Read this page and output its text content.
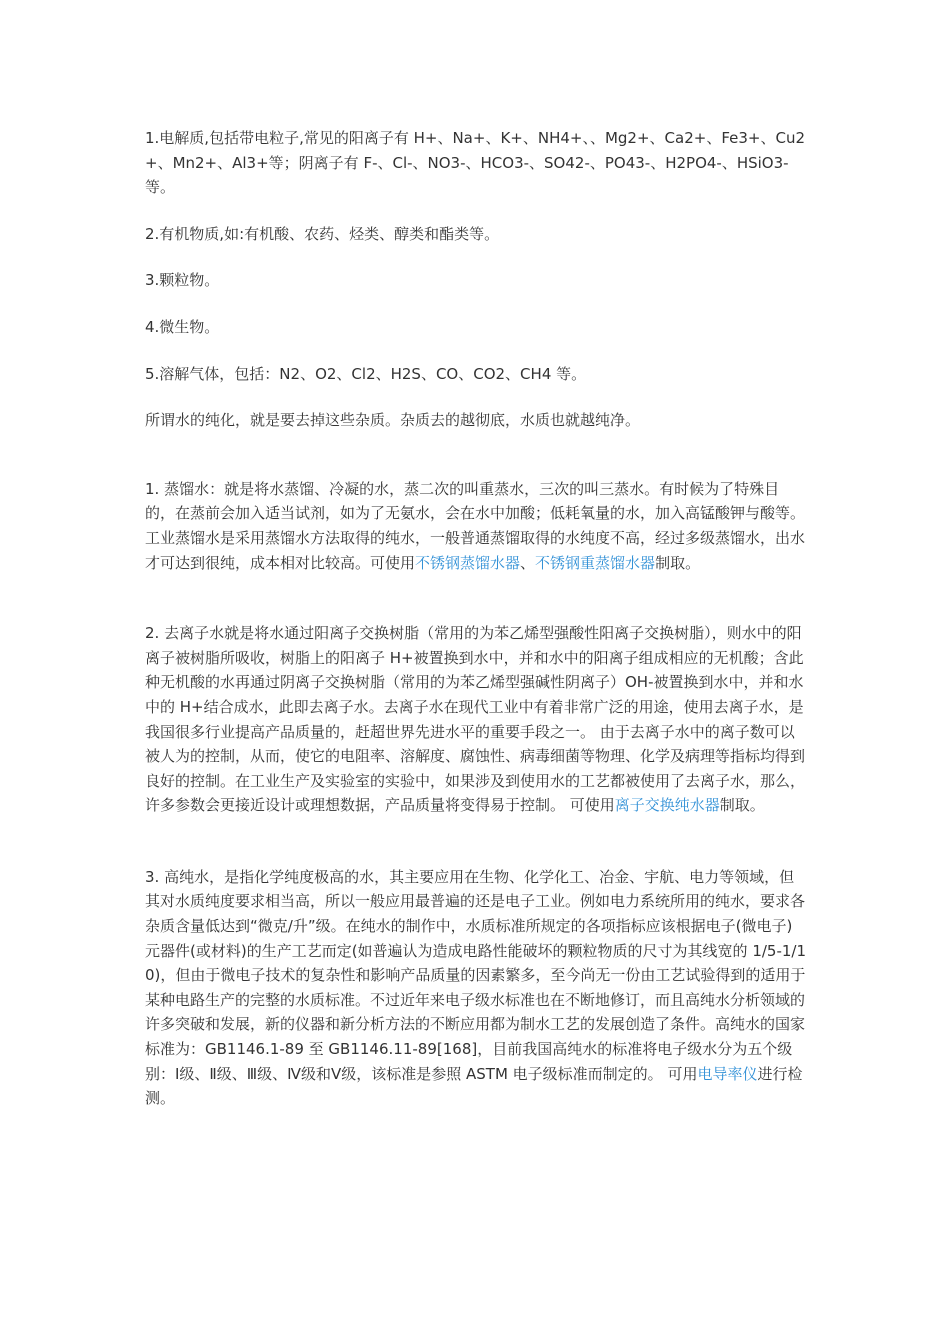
1.电解质,包括带电粒子,常见的阳离子有 H+、Na+、K+、NH4+、、Mg2+、Ca2+、Fe3+、Cu2+、Mn2+、Al3+等；阴离子有 F-、Cl-、NO3-、HCO3-、SO42-、PO43-、H2PO4-、HSiO3-等。

2.有机物质,如:有机酸、农药、烃类、醇类和酯类等。

3.颗粒物。

4.微生物。

5.溶解气体，包括：N2、O2、Cl2、H2S、CO、CO2、CH4 等。

所谓水的纯化，就是要去掉这些杂质。杂质去的越彻底，水质也就越纯净。

1. 蒸馏水：就是将水蒸馏、冷凝的水，蒸二次的叫重蒸水，三次的叫三蒸水。有时候为了特殊目的，在蒸前会加入适当试剂，如为了无氨水，会在水中加酸；低耗氧量的水，加入高锰酸钾与酸等。工业蒸馏水是采用蒸馏水方法取得的纯水，一般普通蒸馏取得的水纯度不高，经过多级蒸馏水，出水才可达到很纯，成本相对比较高。可使用不锈钢蒸馏水器、不锈钢重蒸馏水器制取。

2. 去离子水就是将水通过阳离子交换树脂（常用的为苯乙烯型强酸性阳离子交换树脂），则水中的阳离子被树脂所吸收，树脂上的阳离子 H+被置换到水中，并和水中的阳离子组成相应的无机酸；含此种无机酸的水再通过阴离子交换树脂（常用的为苯乙烯型强碱性阴离子）OH-被置换到水中，并和水中的 H+结合成水，此即去离子水。去离子水在现代工业中有着非常广泛的用途，使用去离子水，是我国很多行业提高产品质量的，赶超世界先进水平的重要手段之一。 由于去离子水中的离子数可以被人为的控制，从而，使它的电阻率、溶解度、腐蚀性、病毒细菌等物理、化学及病理等指标均得到良好的控制。在工业生产及实验室的实验中，如果涉及到使用水的工艺都被使用了去离子水，那么，许多参数会更接近设计或理想数据，产品质量将变得易于控制。 可使用离子交换纯水器制取。

3. 高纯水，是指化学纯度极高的水，其主要应用在生物、化学化工、冶金、宇航、电力等领域，但其对水质纯度要求相当高，所以一般应用最普遍的还是电子工业。例如电力系统所用的纯水，要求各杂质含量低达到“微克/升”级。在纯水的制作中，水质标准所规定的各项指标应该根据电子(微电子)元器件(或材料)的生产工艺而定(如普遍认为造成电路性能破坏的颗粒物质的尺寸为其线宽的 1/5-1/10)，但由于微电子技术的复杂性和影响产品质量的因素繁多，至今尚无一份由工艺试验得到的适用于某种电路生产的完整的水质标准。不过近年来电子级水标准也在不断地修订，而且高纯水分析领域的许多突破和发展，新的仪器和新分析方法的不断应用都为制水工艺的发展创造了条件。高纯水的国家标准为：GB1146.1-89 至 GB1146.11-89[168]，目前我国高纯水的标准将电子级水分为五个级别：Ⅰ级、Ⅱ级、Ⅲ级、Ⅳ级和Ⅴ级，该标准是参照 ASTM 电子级标准而制定的。 可用电导率仪进行检测。
